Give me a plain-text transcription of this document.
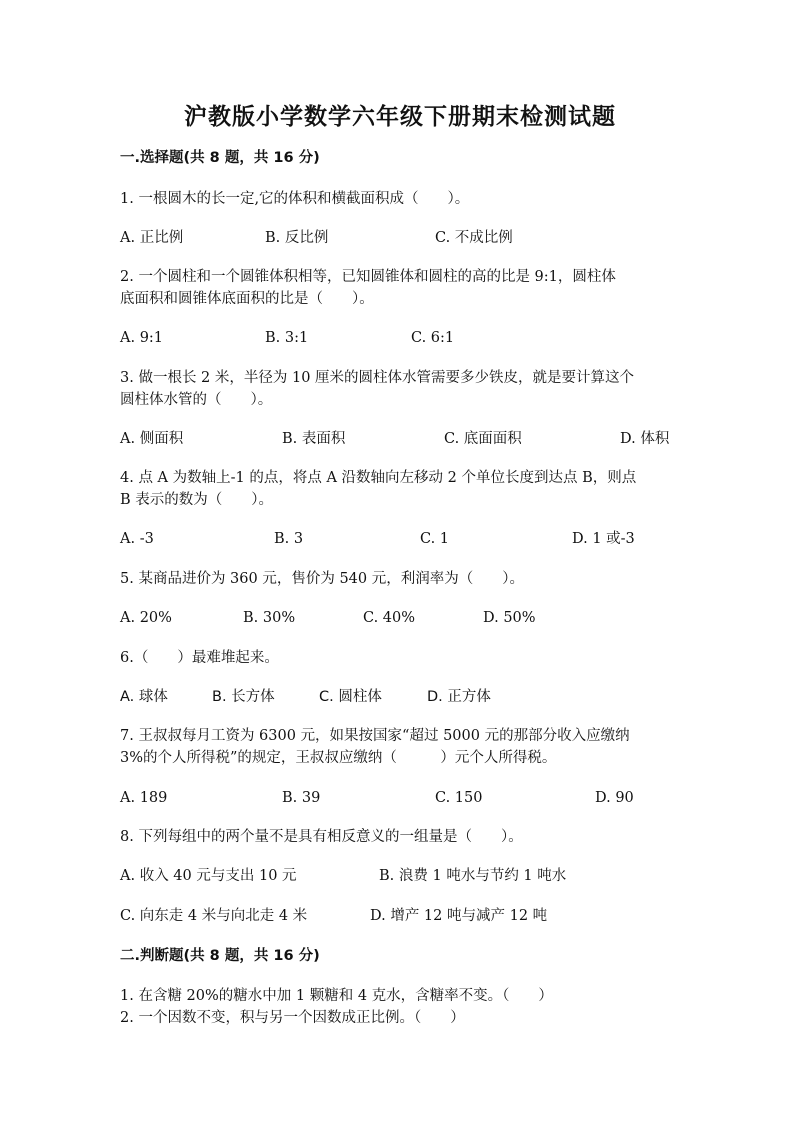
沪教版小学数学六年级下册期末检测试题
一.选择题(共 8 题，共 16 分)
1. 一根圆木的长一定,它的体积和横截面积成（　　）。
A. 正比例	B. 反比例	C. 不成比例
2. 一个圆柱和一个圆锥体积相等，已知圆锥体和圆柱的高的比是 9:1，圆柱体
底面积和圆锥体底面积的比是（　　）。
A. 9:1	B. 3:1	C. 6:1
3. 做一根长 2 米，半径为 10 厘米的圆柱体水管需要多少铁皮，就是要计算这个
圆柱体水管的（　　）。
A. 侧面积	B. 表面积	C. 底面面积	D. 体积
4. 点 A 为数轴上-1 的点，将点 A 沿数轴向左移动 2 个单位长度到达点 B，则点
B 表示的数为（　　）。
A. -3	B. 3	C. 1	D. 1 或-3
5. 某商品进价为 360 元，售价为 540 元，利润率为（　　）。
A. 20%	B. 30%	C. 40%	D. 50%
6.（　　）最难堆起来。
A. 球体	B. 长方体	C. 圆柱体	D. 正方体
7. 王叔叔每月工资为 6300 元，如果按国家“超过 5000 元的那部分收入应缴纳
3%的个人所得税”的规定，王叔叔应缴纳（　　　）元个人所得税。
A. 189	B. 39	C. 150	D. 90
8. 下列每组中的两个量不是具有相反意义的一组量是（　　）。
A. 收入 40 元与支出 10 元	B. 浪费 1 吨水与节约 1 吨水
C. 向东走 4 米与向北走 4 米	D. 增产 12 吨与减产 12 吨
二.判断题(共 8 题，共 16 分)
1. 在含糖 20%的糖水中加 1 颗糖和 4 克水，含糖率不变。（　　）
2. 一个因数不变，积与另一个因数成正比例。（　　）
